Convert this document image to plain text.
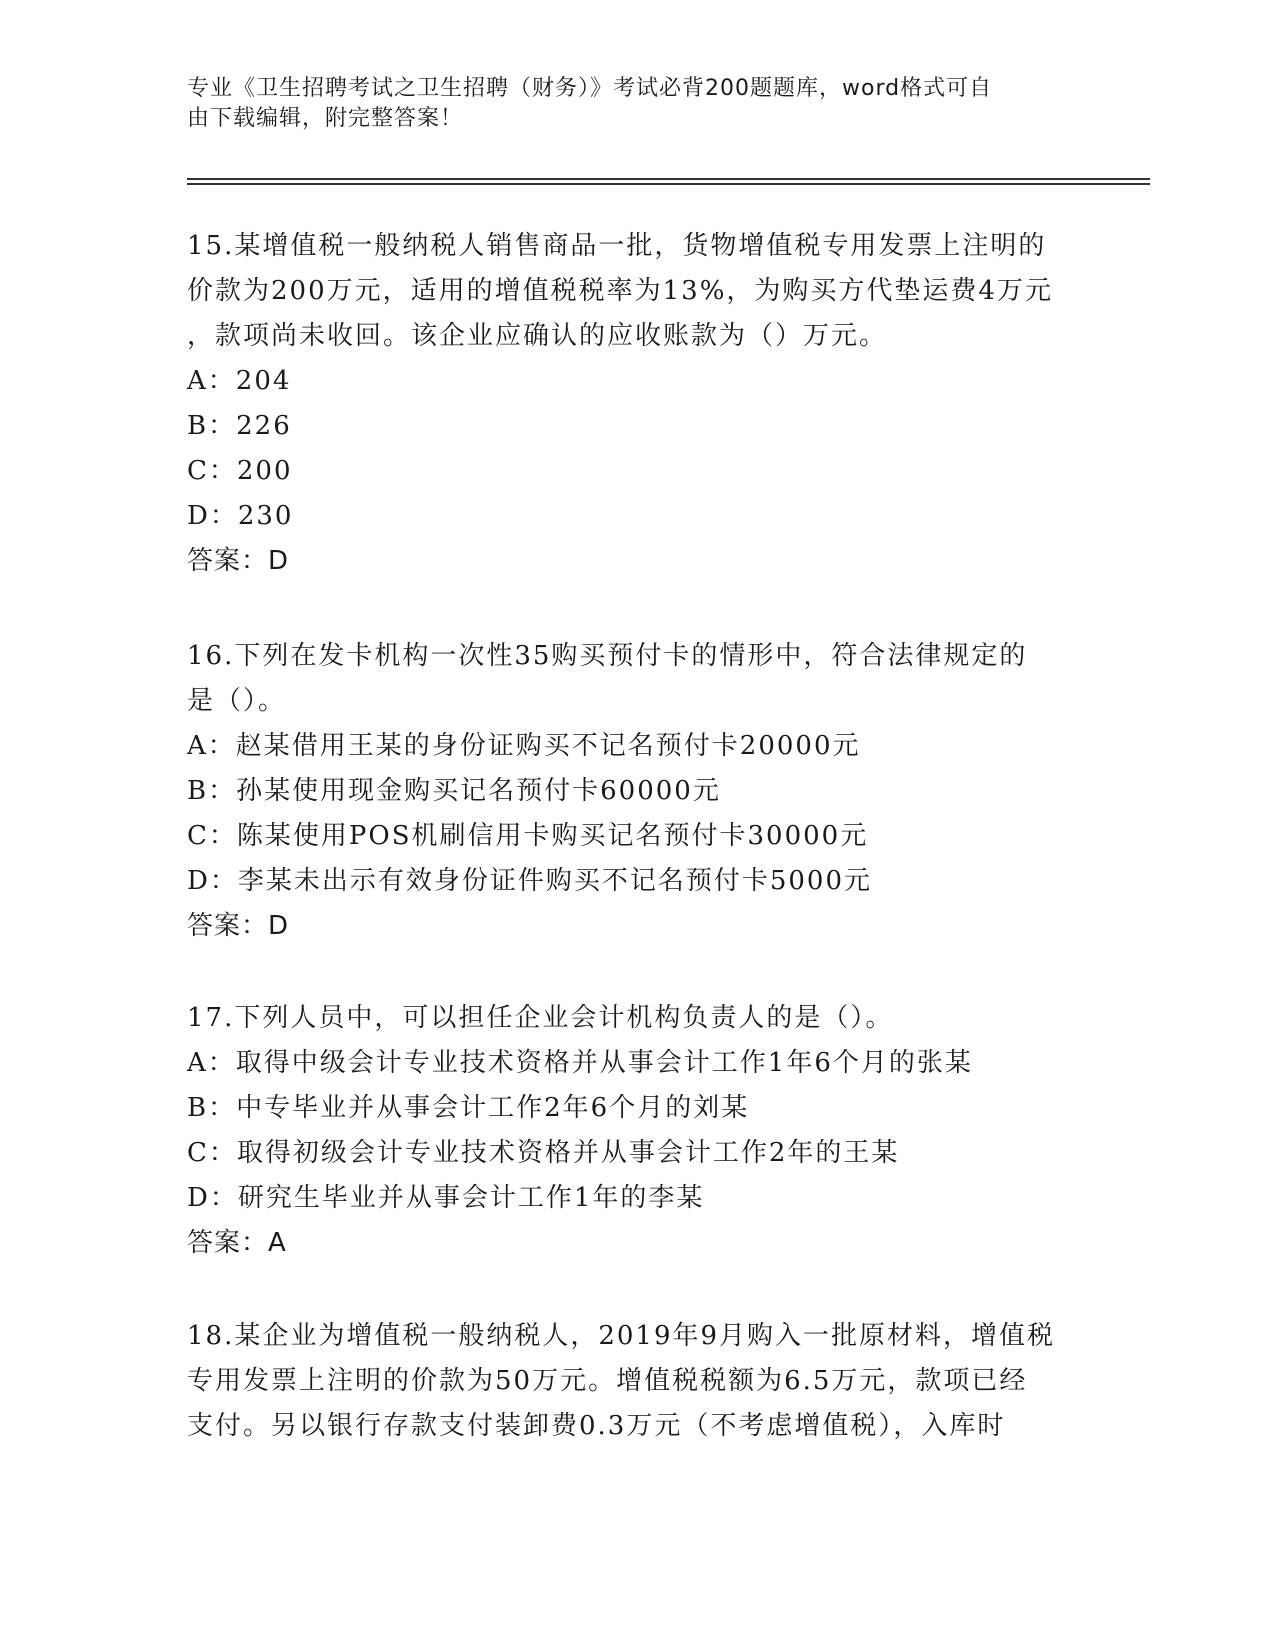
专业《卫生招聘考试之卫生招聘（财务）》考试必背200题题库，word格式可自
由下载编辑，附完整答案！
15.某增值税一般纳税人销售商品一批，货物增值税专用发票上注明的
价款为200万元，适用的增值税税率为13%，为购买方代垫运费4万元
，款项尚未收回。该企业应确认的应收账款为（）万元。
A：204
B：226
C：200
D：230
答案：D
16.下列在发卡机构一次性35购买预付卡的情形中，符合法律规定的
是（）。
A：赵某借用王某的身份证购买不记名预付卡20000元
B：孙某使用现金购买记名预付卡60000元
C：陈某使用POS机刷信用卡购买记名预付卡30000元
D：李某未出示有效身份证件购买不记名预付卡5000元
答案：D
17.下列人员中，可以担任企业会计机构负责人的是（）。
A：取得中级会计专业技术资格并从事会计工作1年6个月的张某
B：中专毕业并从事会计工作2年6个月的刘某
C：取得初级会计专业技术资格并从事会计工作2年的王某
D：研究生毕业并从事会计工作1年的李某
答案：A
18.某企业为增值税一般纳税人，2019年9月购入一批原材料，增值税
专用发票上注明的价款为50万元。增值税税额为6.5万元，款项已经
支付。另以银行存款支付装卸费0.3万元（不考虑增值税），入库时
